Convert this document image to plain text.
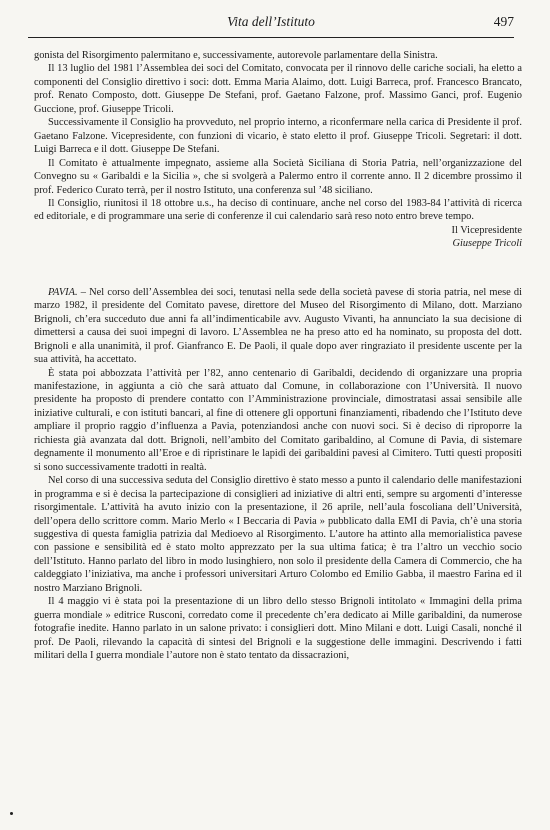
Vita dell’Istituto	497

gonista del Risorgimento palermitano e, successivamente, autorevole parlamentare della Sinistra.

Il 13 luglio del 1981 l’Assemblea dei soci del Comitato, convocata per il rinnovo delle cariche sociali, ha eletto a componenti del Consiglio direttivo i soci: dott. Emma Maria Alaimo, dott. Luigi Barreca, prof. Francesco Brancato, prof. Renato Composto, dott. Giuseppe De Stefani, prof. Gaetano Falzone, prof. Massimo Ganci, prof. Eugenio Guccione, prof. Giuseppe Tricoli.

Successivamente il Consiglio ha provveduto, nel proprio interno, a riconfermare nella carica di Presidente il prof. Gaetano Falzone. Vicepresidente, con funzioni di vicario, è stato eletto il prof. Giuseppe Tricoli. Segretari: il dott. Luigi Barreca e il dott. Giuseppe De Stefani.

Il Comitato è attualmente impegnato, assieme alla Società Siciliana di Storia Patria, nell’organizzazione del Convegno su « Garibaldi e la Sicilia », che si svolgerà a Palermo entro il corrente anno. Il 2 dicembre prossimo il prof. Federico Curato terrà, per il nostro Istituto, una conferenza sul ’48 siciliano.

Il Consiglio, riunitosi il 18 ottobre u.s., ha deciso di continuare, anche nel corso del 1983-84 l’attività di ricerca ed editoriale, e di programmare una serie di conferenze il cui calendario sarà reso noto entro breve tempo.

Il Vicepresidente
Giuseppe Tricoli

PAVIA. – Nel corso dell’Assemblea dei soci, tenutasi nella sede della società pavese di storia patria, nel mese di marzo 1982, il presidente del Comitato pavese, direttore del Museo del Risorgimento di Milano, dott. Marziano Brignoli, ch’era succeduto due anni fa all’indimenticabile avv. Augusto Vivanti, ha annunciato la sua decisione di dimettersi a causa dei suoi impegni di lavoro. L’Assemblea ne ha preso atto ed ha nominato, su proposta del dott. Brignoli e alla unanimità, il prof. Gianfranco E. De Paoli, il quale dopo aver ringraziato il presidente uscente per la sua attività, ha accettato.

È stata poi abbozzata l’attività per l’82, anno centenario di Garibaldi, decidendo di organizzare una propria manifestazione, in aggiunta a ciò che sarà attuato dal Comune, in collaborazione con l’Università. Il nuovo presidente ha proposto di prendere contatto con l’Amministrazione provinciale, dimostratasi assai sensibile alle iniziative culturali, e con istituti bancari, al fine di ottenere gli opportuni finanziamenti, ribadendo che l’Istituto deve ampliare il proprio raggio d’influenza a Pavia, potenziandosi anche con nuovi soci. Si è deciso di riproporre la richiesta già avanzata dal dott. Brignoli, nell’ambito del Comitato garibaldino, al Comune di Pavia, di sistemare degnamente il monumento all’Eroe e di ripristinare le lapidi dei garibaldini pavesi al Cimitero. Tutti questi propositi si sono successivamente tradotti in realtà.

Nel corso di una successiva seduta del Consiglio direttivo è stato messo a punto il calendario delle manifestazioni in programma e si è decisa la partecipazione di consiglieri ad iniziative di altri enti, sempre su argomenti d’interesse risorgimentale. L’attività ha avuto inizio con la presentazione, il 26 aprile, nell’aula foscoliana dell’Università, dell’opera dello scrittore comm. Mario Merlo « I Beccaria di Pavia » pubblicato dalla EMI di Pavia, ch’è una storia suggestiva di questa famiglia patrizia dal Medioevo al Risorgimento. L’autore ha attinto alla memorialistica pavese con passione e sensibilità ed è stato molto apprezzato per la sua ultima fatica; è tra l’altro un vecchio socio dell’Istituto. Hanno parlato del libro in modo lusinghiero, non solo il presidente della Camera di Commercio, che ha caldeggiato l’iniziativa, ma anche i professori universitari Arturo Colombo ed Emilio Gabba, il maestro Farina ed il nostro Marziano Brignoli.

Il 4 maggio vi è stata poi la presentazione di un libro dello stesso Brignoli intitolato « Immagini della prima guerra mondiale » editrice Rusconi, corredato come il precedente ch’era dedicato ai Mille garibaldini, da numerose fotografie inedite. Hanno parlato in un salone privato: i consiglieri dott. Mino Milani e dott. Luigi Casali, nonché il prof. De Paoli, rilevando la capacità di sintesi del Brignoli e la suggestione delle immagini. Descrivendo i fatti militari della I guerra mondiale l’autore non è stato tentato da dissacrazioni,
